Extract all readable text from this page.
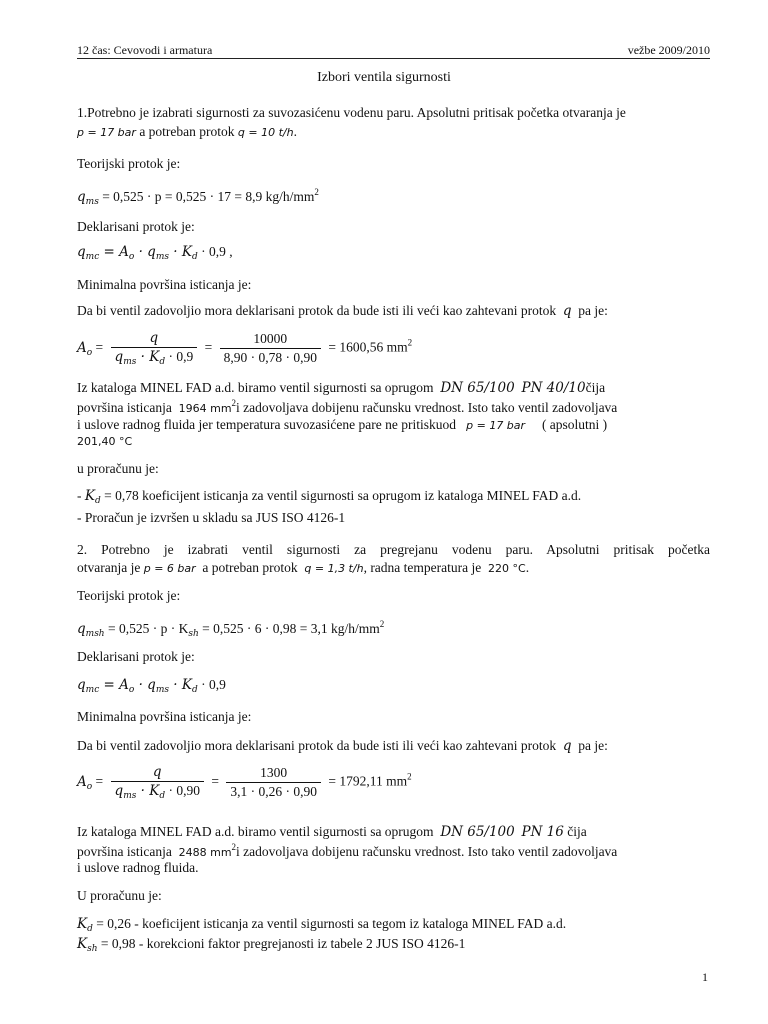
12 čas: Cevovodi i armatura	vežbe 2009/2010
Izbori ventila sigurnosti
1.Potrebno je izabrati sigurnosti za suvozasićenu vodenu paru. Apsolutni pritisak početka otvaranja je
p = 17 bar a potreban protok q = 10 t/h.
Teorijski protok je:
$q_{ms} = 0,525 \cdot p = 0,525 \cdot 17 = 8,9$ $kg/h/mm^2$
Deklarisani protok je:
$q_{mc} = A_o \cdot q_{ms} \cdot K_d \cdot 0,9$ ,
Minimalna površina isticanja je:
Da bi ventil zadovoljio mora deklarisani protok da bude isti ili veći kao zahtevani protok q pa je:
$A_o = \frac{q}{q_{ms} \cdot K_d \cdot 0,9} = \frac{10000}{8,90 \cdot 0,78 \cdot 0,90} = 1600,56$ $mm^2$
Iz kataloga MINEL FAD a.d. biramo ventil sigurnosti sa oprugom DN 65/100 PN 40/10čija
površina isticanja 1964 $mm^2i$ zadovoljava dobijenu računsku vrednost. Isto tako ventil zadovoljava
i uslove radnog fluida jer temperatura suvozasićene pare ne pritiskuod p = 17 bar ( apsolutni )
201,40 °C
u proračunu je:
- $K_d = 0,78$ koeficijent isticanja za ventil sigurnosti sa oprugom iz kataloga MINEL FAD a.d.
- Proračun je izvršen u skladu sa JUS ISO 4126-1
2. Potrebno je izabrati ventil sigurnosti za pregrejanu vodenu paru. Apsolutni pritisak početka
otvaranja je p = 6 bar a potreban protok q = 1,3 t/h, radna temperatura je 220 °C.
Teorijski protok je:
$q_{msh} = 0,525 \cdot p \cdot K_{sh} = 0,525 \cdot 6 \cdot 0,98 = 3,1$ $kg/h/mm^2$
Deklarisani protok je:
$q_{mc} = A_o \cdot q_{ms} \cdot K_d \cdot 0,9$
Minimalna površina isticanja je:
Da bi ventil zadovoljio mora deklarisani protok da bude isti ili veći kao zahtevani protok q pa je:
$A_o = \frac{q}{q_{ms} \cdot K_d \cdot 0,90} = \frac{1300}{3,1 \cdot 0,26 \cdot 0,90} = 1792,11$ $mm^2$
Iz kataloga MINEL FAD a.d. biramo ventil sigurnosti sa oprugom DN 65/100 PN 16 čija
površina isticanja 2488 $mm^2i$ zadovoljava dobijenu računsku vrednost. Isto tako ventil zadovoljava
i uslove radnog fluida.
U proračunu je:
$K_d = 0,26$ - koeficijent isticanja za ventil sigurnosti sa tegom iz kataloga MINEL FAD a.d.
$K_{sh} = 0,98$ - korekcioni faktor pregrejanosti iz tabele 2 JUS ISO 4126-1
1
